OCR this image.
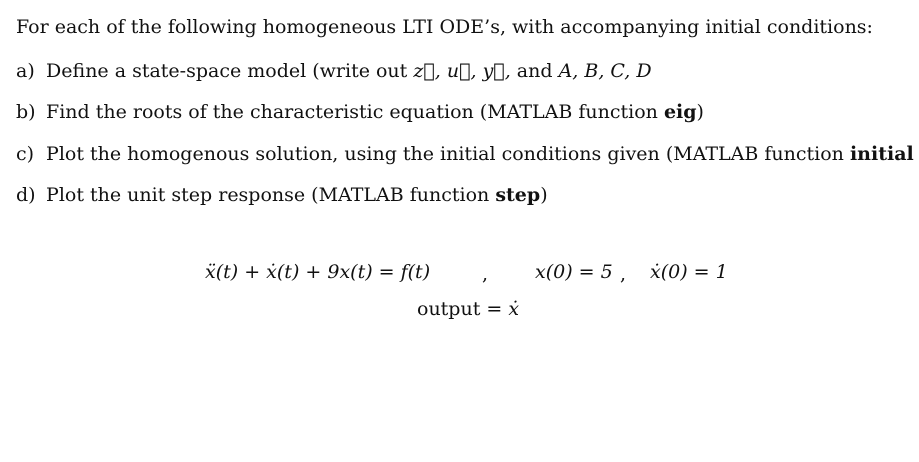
For each of the following homogeneous LTI ODE’s, with accompanying initial conditions:
a) Define a state-space model (write out z⃗, u⃗, y⃗, and A, B, C, D
b) Find the roots of the characteristic equation (MATLAB function eig)
c) Plot the homogenous solution, using the initial conditions given (MATLAB function initial
d) Plot the unit step response (MATLAB function step)
ẍ(t) + ẋ(t) + 9x(t) = f(t)	, x(0) = 5 , ẋ(0) = 1
output = ẋ
